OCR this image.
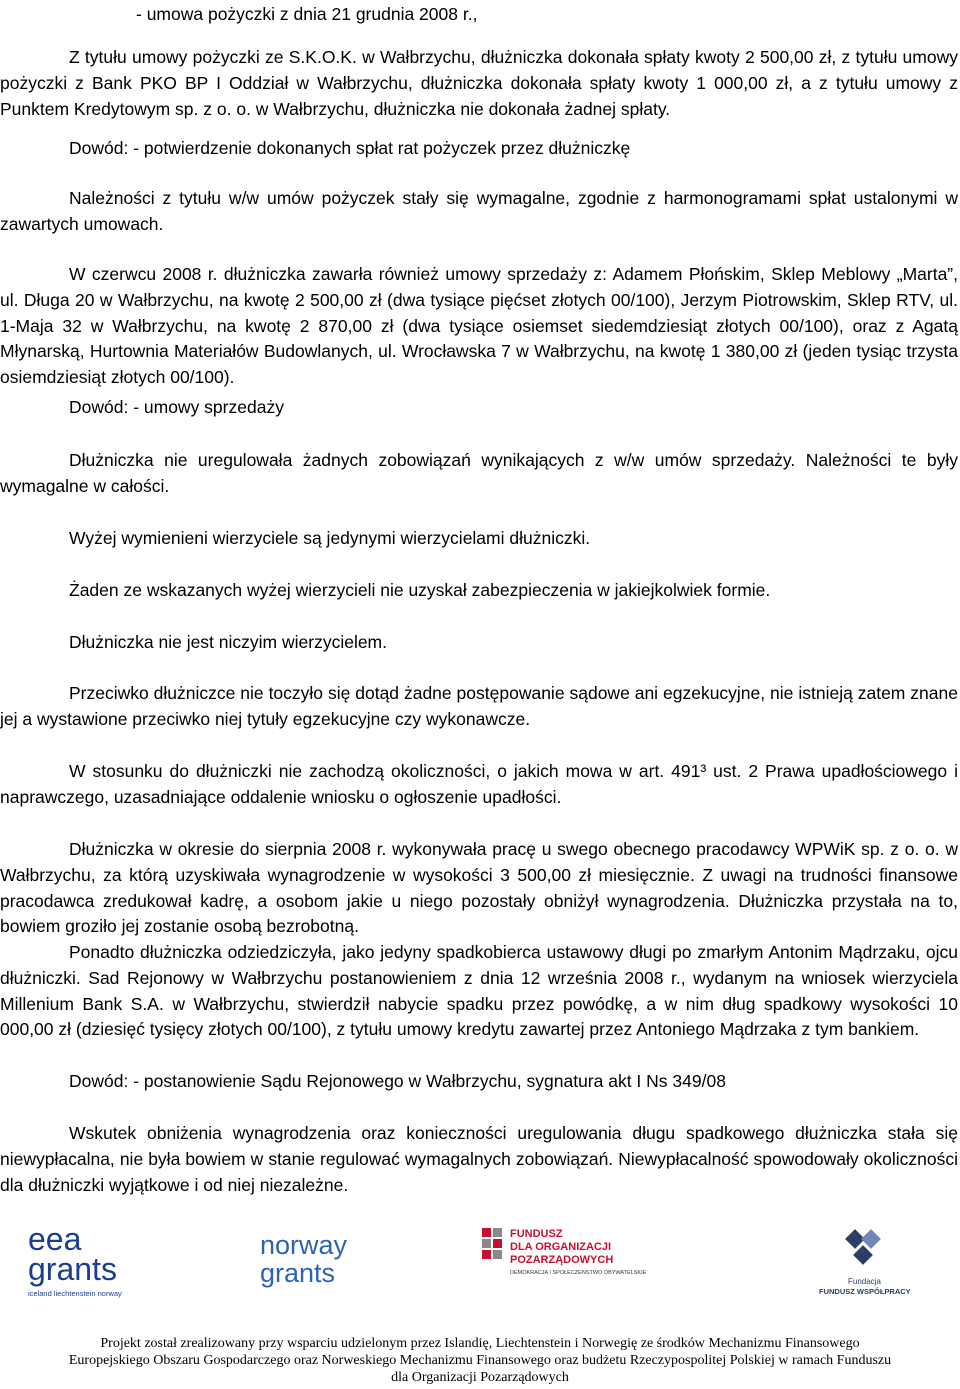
- umowa pożyczki z dnia 21 grudnia 2008 r.,

Z tytułu umowy pożyczki ze S.K.O.K. w Wałbrzychu, dłużniczka dokonała spłaty kwoty 2 500,00 zł, z tytułu umowy pożyczki z Bank PKO BP I Oddział w Wałbrzychu, dłużniczka dokonała spłaty kwoty 1 000,00 zł, a z tytułu umowy z Punktem Kredytowym sp. z o. o. w Wałbrzychu, dłużniczka nie dokonała żadnej spłaty.

Dowód: - potwierdzenie dokonanych spłat rat pożyczek przez dłużniczkę

Należności z tytułu w/w umów pożyczek stały się wymagalne, zgodnie z harmonogramami spłat ustalonymi w zawartych umowach.

W czerwcu 2008 r. dłużniczka zawarła również umowy sprzedaży z: Adamem Płońskim, Sklep Meblowy „Marta”, ul. Długa 20 w Wałbrzychu, na kwotę 2 500,00 zł (dwa tysiące pięćset złotych 00/100), Jerzym Piotrowskim, Sklep RTV, ul. 1-Maja 32 w Wałbrzychu, na kwotę 2 870,00 zł (dwa tysiące osiemset siedemdziesiąt złotych 00/100), oraz z Agatą Młynarską, Hurtownia Materiałów Budowlanych, ul. Wrocławska 7 w Wałbrzychu, na kwotę 1 380,00 zł (jeden tysiąc trzysta osiemdziesiąt złotych 00/100).

Dowód: - umowy sprzedaży

Dłużniczka nie uregulowała żadnych zobowiązań wynikających z w/w umów sprzedaży. Należności te były wymagalne w całości.

Wyżej wymienieni wierzyciele są jedynymi wierzycielami dłużniczki.

Żaden ze wskazanych wyżej wierzycieli nie uzyskał zabezpieczenia w jakiejkolwiek formie.

Dłużniczka nie jest niczyim wierzycielem.

Przeciwko dłużniczce nie toczyło się dotąd żadne postępowanie sądowe ani egzekucyjne, nie istnieją zatem znane jej a wystawione przeciwko niej tytuły egzekucyjne czy wykonawcze.

W stosunku do dłużniczki nie zachodzą okoliczności, o jakich mowa w art. 491³ ust. 2 Prawa upadłościowego i naprawczego, uzasadniające oddalenie wniosku o ogłoszenie upadłości.

Dłużniczka w okresie do sierpnia 2008 r. wykonywała pracę u swego obecnego pracodawcy WPWiK sp. z o. o. w Wałbrzychu, za którą uzyskiwała wynagrodzenie w wysokości 3 500,00 zł miesięcznie. Z uwagi na trudności finansowe pracodawca zredukował kadrę, a osobom jakie u niego pozostały obniżył wynagrodzenia. Dłużniczka przystała na to, bowiem groziło jej zostanie osobą bezrobotną.

Ponadto dłużniczka odziedziczyła, jako jedyny spadkobierca ustawowy długi po zmarłym Antonim Mądrzaku, ojcu dłużniczki. Sad Rejonowy w Wałbrzychu postanowieniem z dnia 12 września 2008 r., wydanym na wniosek wierzyciela Millenium Bank S.A. w Wałbrzychu, stwierdził nabycie spadku przez powódkę, a w nim dług spadkowy wysokości 10 000,00 zł (dziesięć tysięcy złotych 00/100), z tytułu umowy kredytu zawartej przez Antoniego Mądrzaka z tym bankiem.

Dowód: - postanowienie Sądu Rejonowego w Wałbrzychu, sygnatura akt I Ns 349/08

Wskutek obniżenia wynagrodzenia oraz konieczności uregulowania długu spadkowego dłużniczka stała się niewypłacalna, nie była bowiem w stanie regulować wymagalnych zobowiązań. Niewypłacalność spowodowały okoliczności dla dłużniczki wyjątkowe i od niej niezależne.

eea
grants
iceland liechtenstein norway
norway
grants
FUNDUSZ
DLA ORGANIZACJI
POZARZĄDOWYCH
DEMOKRACJA I SPOŁECZEŃSTWO OBYWATELSKIE
Fundacja
FUNDUSZ WSPÓŁPRACY
Projekt został zrealizowany przy wsparciu udzielonym przez Islandię, Liechtenstein i Norwegię ze środków Mechanizmu Finansowego
Europejskiego Obszaru Gospodarczego oraz Norweskiego Mechanizmu Finansowego oraz budżetu Rzeczypospolitej Polskiej w ramach Funduszu
dla Organizacji Pozarządowych
